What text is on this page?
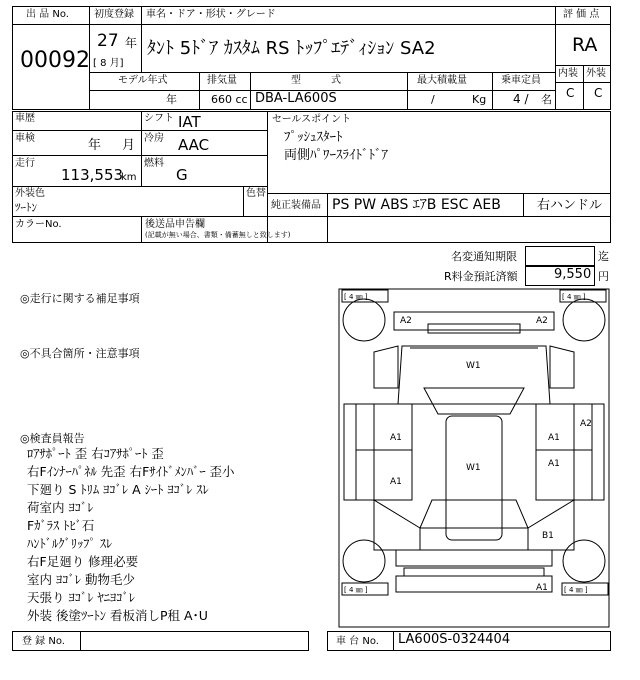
出 品 No.
00092
初度登録
27 年
[ 8 月]
車名・ドア・形状・グレード
ﾀﾝﾄ 5ﾄﾞｱ ｶｽﾀﾑ RS ﾄｯﾌﾟｴﾃﾞｨｼｮﾝ SA2
モデル年式
年
排気量
660 cc
型　　　式
DBA-LA600S
最大積載量
/	Kg
乗車定員
4 / 名
評 価 点
RA
内装 外装
C C
車歴
車検	年 月
走行
113,553
km
シフト IAT
冷房 AAC
燃料
G
セールスポイント
ﾌﾟｯｼｭｽﾀｰﾄ
両側ﾊﾟﾜｰｽﾗｲﾄﾞﾄﾞｱ
外装色
ﾂｰﾄﾝ
色替
純正装備品 PS PW ABS ｴｱB ESC AEB	右ハンドル
カラーNo.	後送品申告欄
(記載が無い場合、書類・備蓄無しと致します)
名変通知期限	迄
R料金預託済額	9,550 円
◎走行に関する補足事項
◎不具合箇所・注意事項
◎検査員報告
ﾛｱｻﾎﾟｰﾄ 歪 右ｺｱｻﾎﾟｰﾄ 歪
右Fｲﾝﾅｰﾊﾟﾈﾙ 先歪 右Fｻｲﾄﾞﾒﾝﾊﾞｰ 歪小
下廻り S ﾄﾘﾑ ﾖｺﾞﾚ A ｼｰﾄ ﾖｺﾞﾚ ｽﾚ
荷室内 ﾖｺﾞﾚ
Fｶﾞﾗｽ ﾄﾋﾞ石
ﾊﾝﾄﾞﾙｸﾞﾘｯﾌﾟ ｽﾚ
右F足廻り 修理必要
室内 ﾖｺﾞﾚ 動物毛少
天張り ﾖｺﾞﾚ ﾔﾆﾖｺﾞﾚ
外装 後塗ﾂｰﾄﾝ 看板消しP租 A･U
[ 4 ㎜ ]	[ 4 ㎜ ]
[ 4 ㎜ ]	[ 4 ㎜ ]
A2	A2
W1
A1
A1
W1
A1
A1
A2
B1
A1
登 録 No.	車 台 No. LA600S-0324404
